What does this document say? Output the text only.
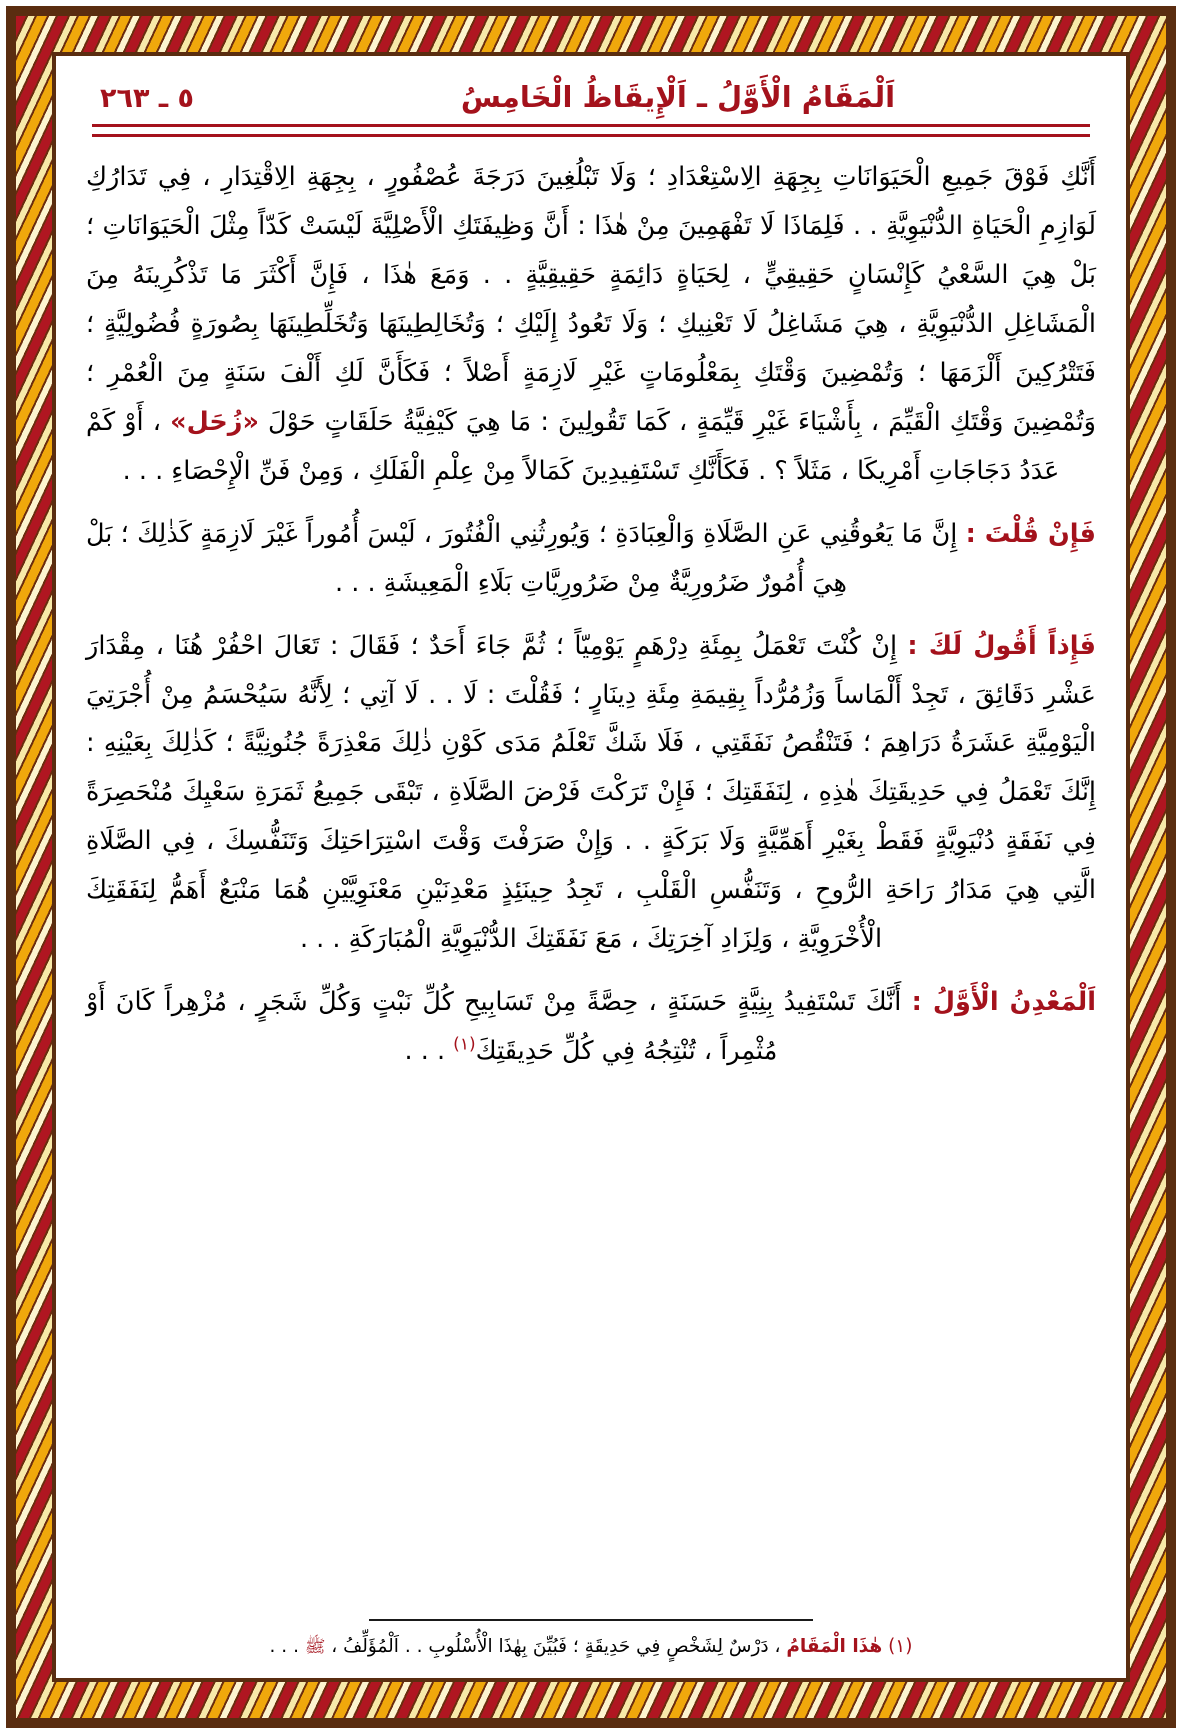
٥ ـ ٢٦٣	اَلْمَقَامُ الْأَوَّلُ ـ اَلْإِيقَاظُ الْخَامِسُ

أَنَّكِ فَوْقَ جَمِيعِ الْحَيَوَانَاتِ بِجِهَةِ الِاسْتِعْدَادِ ؛ وَلَا تَبْلُغِينَ دَرَجَةَ عُصْفُورٍ ، بِجِهَةِ الِاقْتِدَارِ ، فِي تَدَارُكِ لَوَازِمِ الْحَيَاةِ الدُّنْيَوِيَّةِ . . فَلِمَاذَا لَا تَفْهَمِينَ مِنْ هٰذَا : أَنَّ وَظِيفَتَكِ الْأَصْلِيَّةَ لَيْسَتْ كَدّاً مِثْلَ الْحَيَوَانَاتِ ؛ بَلْ هِيَ السَّعْيُ كَإِنْسَانٍ حَقِيقِيٍّ ، لِحَيَاةٍ دَائِمَةٍ حَقِيقِيَّةٍ . . وَمَعَ هٰذَا ، فَإِنَّ أَكْثَرَ مَا تَذْكُرِينَهُ مِنَ الْمَشَاغِلِ الدُّنْيَوِيَّةِ ، هِيَ مَشَاغِلُ لَا تَعْنِيكِ ؛ وَلَا تَعُودُ إِلَيْكِ ؛ وَتُخَالِطِينَهَا وَتُخَلِّطِينَهَا بِصُورَةٍ فُضُولِيَّةٍ ؛ فَتَتْرُكِينَ أَلْزَمَهَا ؛ وَتُمْضِينَ وَقْتَكِ بِمَعْلُومَاتٍ غَيْرِ لَازِمَةٍ أَصْلاً ؛ فَكَأَنَّ لَكِ أَلْفَ سَنَةٍ مِنَ الْعُمْرِ ؛ وَتُمْضِينَ وَقْتَكِ الْقَيِّمَ ، بِأَشْيَاءَ غَيْرِ قَيِّمَةٍ ، كَمَا تَقُولِينَ : مَا هِيَ كَيْفِيَّةُ حَلَقَاتٍ حَوْلَ «زُحَل» ، أَوْ كَمْ عَدَدُ دَجَاجَاتِ أَمْرِيكَا ، مَثَلاً ؟ . فَكَأَنَّكِ تَسْتَفِيدِينَ كَمَالاً مِنْ عِلْمِ الْفَلَكِ ، وَمِنْ فَنِّ الْإِحْصَاءِ . . .

فَإِنْ قُلْتَ : إِنَّ مَا يَعُوقُنِي عَنِ الصَّلَاةِ وَالْعِبَادَةِ ؛ وَيُورِثُنِي الْفُتُورَ ، لَيْسَ أُمُوراً غَيْرَ لَازِمَةٍ كَذٰلِكَ ؛ بَلْ هِيَ أُمُورٌ ضَرُورِيَّةٌ مِنْ ضَرُورِيَّاتِ بَلَاءِ الْمَعِيشَةِ . . .

فَإِذاً أَقُولُ لَكَ : إِنْ كُنْتَ تَعْمَلُ بِمِئَةِ دِرْهَمٍ يَوْمِيّاً ؛ ثُمَّ جَاءَ أَحَدٌ ؛ فَقَالَ : تَعَالَ احْفُرْ هُنَا ، مِقْدَارَ عَشْرِ دَقَائِقَ ، تَجِدْ أَلْمَاساً وَزُمُرُّداً بِقِيمَةِ مِئَةِ دِينَارٍ ؛ فَقُلْتَ : لَا . . لَا آتِي ؛ لِأَنَّهُ سَيُحْسَمُ مِنْ أُجْرَتِيَ الْيَوْمِيَّةِ عَشَرَةُ دَرَاهِمَ ؛ فَتَنْقُصُ نَفَقَتِي ، فَلَا شَكَّ تَعْلَمُ مَدَى كَوْنِ ذٰلِكَ مَعْذِرَةً جُنُونِيَّةً ؛ كَذٰلِكَ بِعَيْنِهِ : إِنَّكَ تَعْمَلُ فِي حَدِيقَتِكَ هٰذِهِ ، لِنَفَقَتِكَ ؛ فَإِنْ تَرَكْتَ فَرْضَ الصَّلَاةِ ، تَبْقَى جَمِيعُ ثَمَرَةِ سَعْيِكَ مُنْحَصِرَةً فِي نَفَقَةٍ دُنْيَوِيَّةٍ فَقَطْ بِغَيْرِ أَهَمِّيَّةٍ وَلَا بَرَكَةٍ . . وَإِنْ صَرَفْتَ وَقْتَ اسْتِرَاحَتِكَ وَتَنَفُّسِكَ ، فِي الصَّلَاةِ الَّتِي هِيَ مَدَارُ رَاحَةِ الرُّوحِ ، وَتَنَفُّسِ الْقَلْبِ ، تَجِدُ حِينَئِذٍ مَعْدِنَيْنِ مَعْنَوِيَّيْنِ هُمَا مَنْبَعٌ أَهَمُّ لِنَفَقَتِكَ الْأُخْرَوِيَّةِ ، وَلِزَادِ آخِرَتِكَ ، مَعَ نَفَقَتِكَ الدُّنْيَوِيَّةِ الْمُبَارَكَةِ . . .

اَلْمَعْدِنُ الْأَوَّلُ : أَنَّكَ تَسْتَفِيدُ بِنِيَّةٍ حَسَنَةٍ ، حِصَّةً مِنْ تَسَابِيحِ كُلِّ نَبْتٍ وَكُلِّ شَجَرٍ ، مُزْهِراً كَانَ أَوْ مُثْمِراً ، تُنْتِجُهُ فِي كُلِّ حَدِيقَتِكَ$^{(١)}$ . . .

(١) هٰذَا الْمَقَامُ ، دَرْسٌ لِشَخْصٍ فِي حَدِيقَةٍ ؛ فَبُيِّنَ بِهٰذَا الْأُسْلُوبِ . . اَلْمُؤَلِّفُ ، ﷺ . . .
